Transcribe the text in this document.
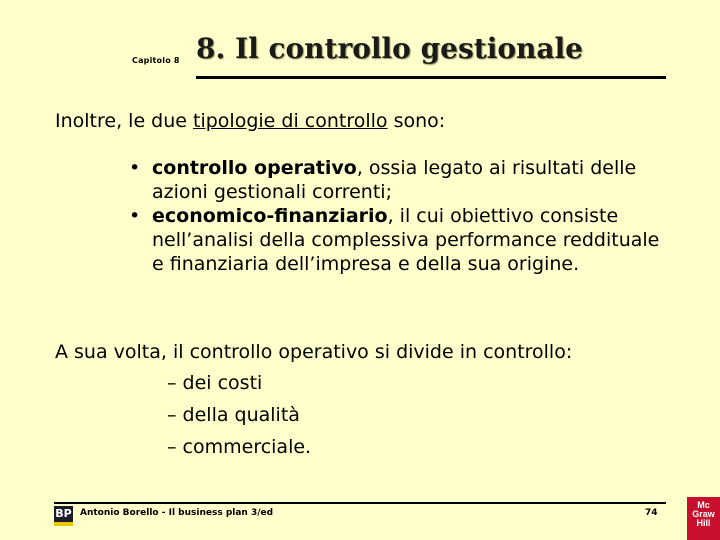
Capitolo 8 8. Il controllo gestionale
Inoltre, le due tipologie di controllo sono:
• controllo operativo, ossia legato ai risultati delle azioni gestionali correnti;
• economico-finanziario, il cui obiettivo consiste nell’analisi della complessiva performance reddituale e finanziaria dell’impresa e della sua origine.
A sua volta, il controllo operativo si divide in controllo:
– dei costi
– della qualità
– commerciale.
BP Antonio Borello - Il business plan 3/ed	74
Mc
Graw
Hill
